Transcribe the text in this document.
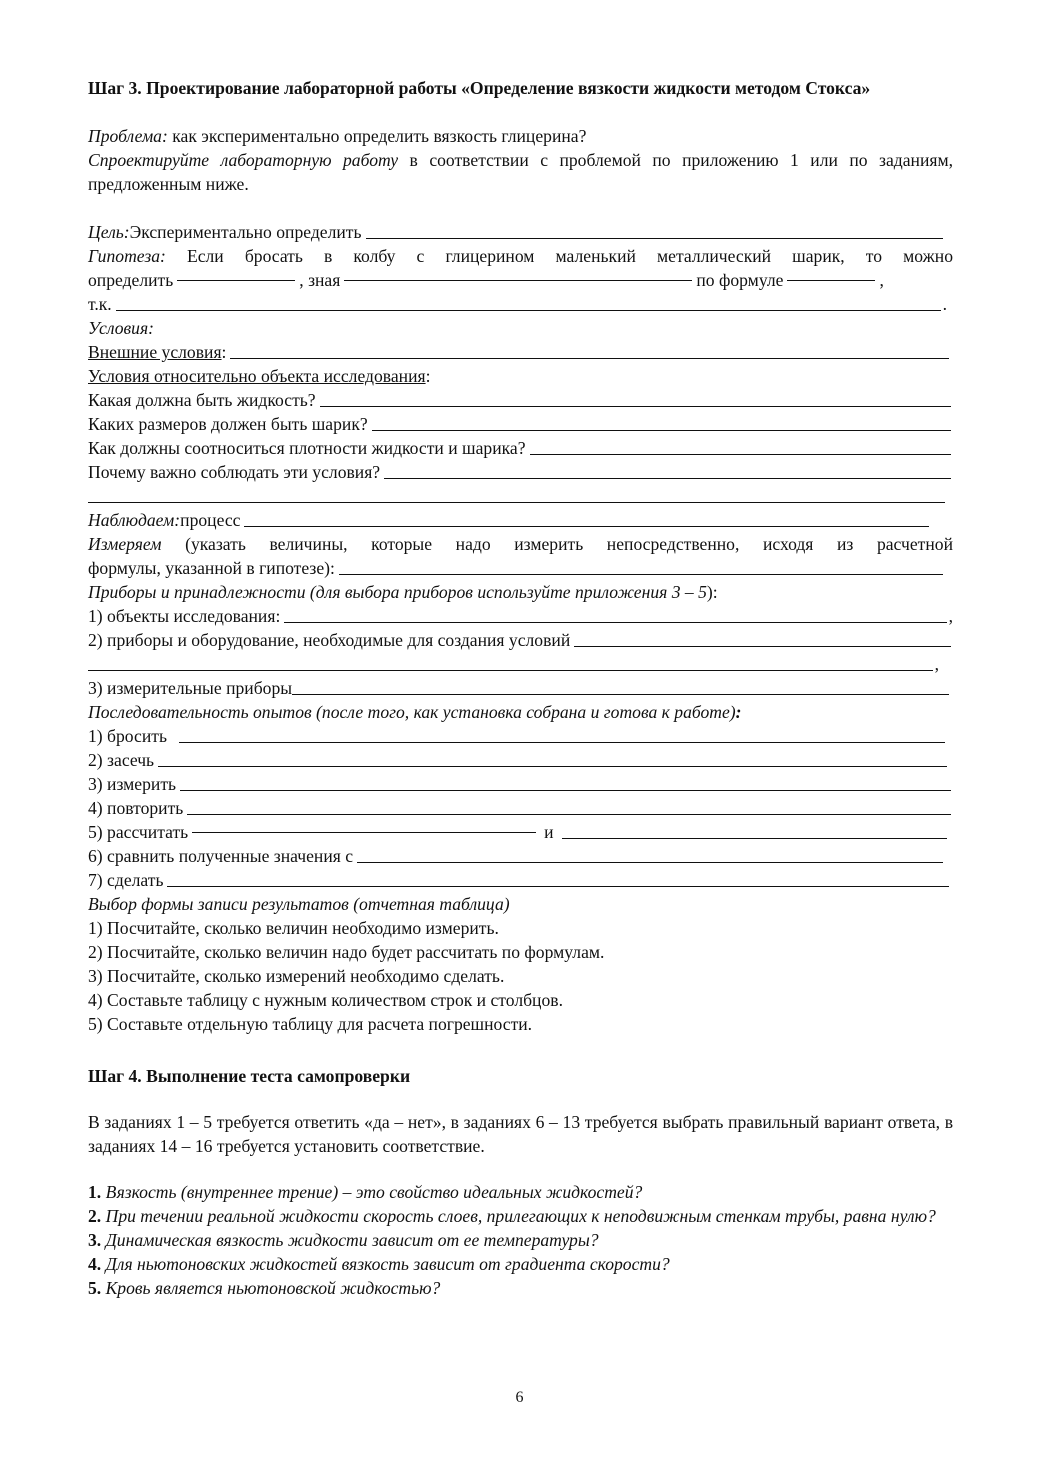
Шаг 3. Проектирование лабораторной работы «Определение вязкости жидкости методом Стокса»
Проблема: как экспериментально определить вязкость глицерина?
Спроектируйте лабораторную работу в соответствии с проблемой по приложению 1 или по заданиям, предложенным ниже.
Цель: Экспериментально определить
Гипотеза: Если бросать в колбу с глицерином маленький металлический шарик, то можно
определить	, зная	по формуле	,
т.к.	.
Условия:
Внешние условия :
Условия относительно объекта исследования :
Какая должна быть жидкость?
Каких размеров должен быть шарик?
Как должны соотноситься плотности жидкости и шарика?
Почему важно соблюдать эти условия?
Наблюдаем: процесс
Измеряем (указать величины, которые надо измерить непосредственно, исходя из расчетной
формулы, указанной в гипотезе):
Приборы и принадлежности (для выбора приборов используйте приложения 3 – 5 ):
1) объекты исследования:	,
2) приборы и оборудование, необходимые для создания условий
,
3) измерительные приборы
Последовательность опытов (после того, как установка собрана и готова к работе) :
1) бросить
2) засечь
3) измерить
4) повторить
5) рассчитать	и
6) сравнить полученные значения с
7) сделать
Выбор формы записи результатов (отчетная таблица)
1) Посчитайте, сколько величин необходимо измерить.
2) Посчитайте, сколько величин надо будет рассчитать по формулам.
3) Посчитайте, сколько измерений необходимо сделать.
4) Составьте таблицу с нужным количеством строк и столбцов.
5) Составьте отдельную таблицу для расчета погрешности.
Шаг 4. Выполнение теста самопроверки
В заданиях 1 – 5 требуется ответить «да – нет», в заданиях 6 – 13 требуется выбрать правильный вариант ответа, в заданиях 14 – 16 требуется установить соответствие.
1. Вязкость (внутреннее трение) – это свойство идеальных жидкостей?
2. При течении реальной жидкости скорость слоев, прилегающих к неподвижным стенкам трубы, равна нулю?
3. Динамическая вязкость жидкости зависит от ее температуры?
4. Для ньютоновских жидкостей вязкость зависит от градиента скорости?
5. Кровь является ньютоновской жидкостью?
6
